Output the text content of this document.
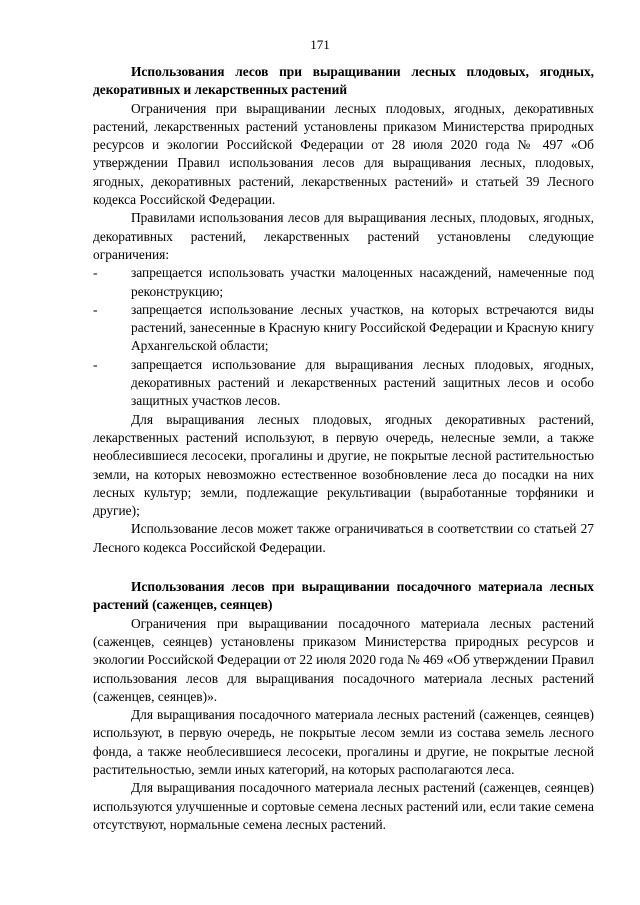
171

Использования лесов при выращивании лесных плодовых, ягодных, декоративных и лекарственных растений

Ограничения при выращивании лесных плодовых, ягодных, декоративных растений, лекарственных растений установлены приказом Министерства природных ресурсов и экологии Российской Федерации от 28 июля 2020 года № 497 «Об утверждении Правил использования лесов для выращивания лесных, плодовых, ягодных, декоративных растений, лекарственных растений» и статьей 39 Лесного кодекса Российской Федерации.

Правилами использования лесов для выращивания лесных, плодовых, ягодных, декоративных растений, лекарственных растений установлены следующие ограничения:

-	запрещается использовать участки малоценных насаждений, намеченные под реконструкцию;
-	запрещается использование лесных участков, на которых встречаются виды растений, занесенные в Красную книгу Российской Федерации и Красную книгу Архангельской области;
-	запрещается использование для выращивания лесных плодовых, ягодных, декоративных растений и лекарственных растений защитных лесов и особо защитных участков лесов.

Для выращивания лесных плодовых, ягодных декоративных растений, лекарственных растений используют, в первую очередь, нелесные земли, а также необлесившиеся лесосеки, прогалины и другие, не покрытые лесной растительностью земли, на которых невозможно естественное возобновление леса до посадки на них лесных культур; земли, подлежащие рекультивации (выработанные торфяники и другие);

Использование лесов может также ограничиваться в соответствии со статьей 27 Лесного кодекса Российской Федерации.

Использования лесов при выращивании посадочного материала лесных растений (саженцев, сеянцев)

Ограничения при выращивании посадочного материала лесных растений (саженцев, сеянцев) установлены приказом Министерства природных ресурсов и экологии Российской Федерации от 22 июля 2020 года № 469 «Об утверждении Правил использования лесов для выращивания посадочного материала лесных растений (саженцев, сеянцев)».

Для выращивания посадочного материала лесных растений (саженцев, сеянцев) используют, в первую очередь, не покрытые лесом земли из состава земель лесного фонда, а также необлесившиеся лесосеки, прогалины и другие, не покрытые лесной растительностью, земли иных категорий, на которых располагаются леса.

Для выращивания посадочного материала лесных растений (саженцев, сеянцев) используются улучшенные и сортовые семена лесных растений или, если такие семена отсутствуют, нормальные семена лесных растений.
